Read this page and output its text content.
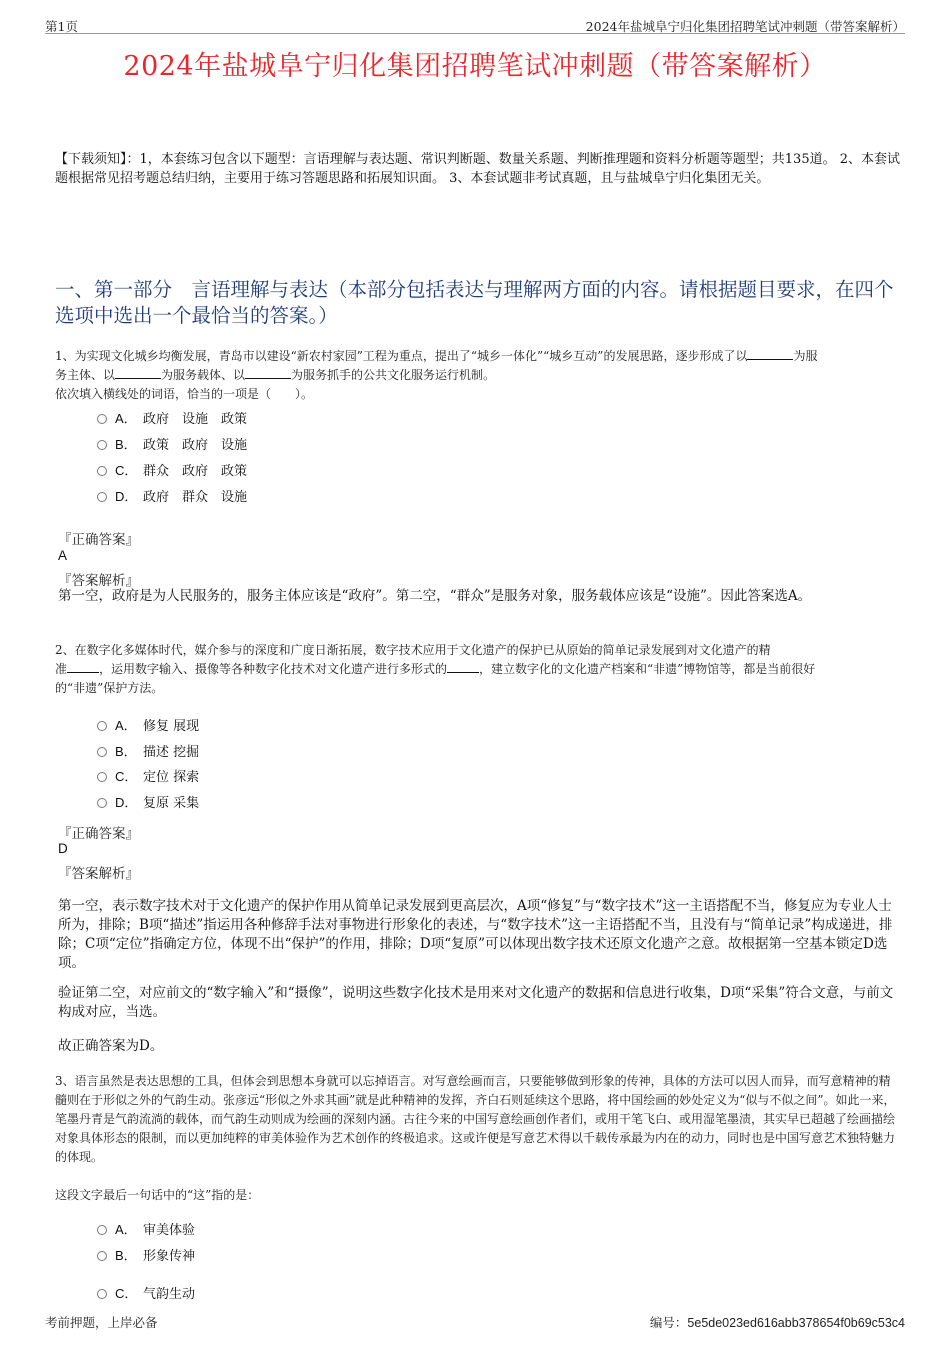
第1页	2024年盐城阜宁归化集团招聘笔试冲刺题（带答案解析）
2024年盐城阜宁归化集团招聘笔试冲刺题（带答案解析）
【下载须知】：1，本套练习包含以下题型：言语理解与表达题、常识判断题、数量关系题、判断推理题和资料分析题等题型；共135道。 2、本套试题根据常见招考题总结归纳，主要用于练习答题思路和拓展知识面。 3、本套试题非考试真题，且与盐城阜宁归化集团无关。
一、第一部分　言语理解与表达（本部分包括表达与理解两方面的内容。请根据题目要求，在四个选项中选出一个最恰当的答案。）
1、为实现文化城乡均衡发展，青岛市以建设“新农村家园”工程为重点，提出了“城乡一体化”“城乡互动”的发展思路，逐步形成了以	为服
务主体、以	为服务载体、以	为服务抓手的公共文化服务运行机制。
依次填入横线处的词语，恰当的一项是（　　）。
A． 政府　设施　政策
B． 政策　政府　设施
C． 群众　政府　政策
D． 政府　群众　设施
『正确答案』
A
『答案解析』
第一空，政府是为人民服务的，服务主体应该是“政府”。第二空，“群众”是服务对象，服务载体应该是“设施”。因此答案选A。
2、在数字化多媒体时代，媒介参与的深度和广度日渐拓展，数字技术应用于文化遗产的保护已从原始的简单记录发展到对文化遗产的精
准	，运用数字输入、摄像等各种数字化技术对文化遗产进行多形式的	，建立数字化的文化遗产档案和“非遗”博物馆等，都是当前很好
的“非遗”保护方法。
A． 修复 展现
B． 描述 挖掘
C． 定位 探索
D． 复原 采集
『正确答案』
D
『答案解析』
第一空，表示数字技术对于文化遗产的保护作用从简单记录发展到更高层次，A项“修复”与“数字技术”这一主语搭配不当，修复应为专业人士所为，排除；B项“描述”指运用各种修辞手法对事物进行形象化的表述，与“数字技术”这一主语搭配不当，且没有与“简单记录”构成递进，排除；C项“定位”指确定方位，体现不出“保护”的作用，排除；D项“复原”可以体现出数字技术还原文化遗产之意。故根据第一空基本锁定D选项。
验证第二空，对应前文的“数字输入”和“摄像”，说明这些数字化技术是用来对文化遗产的数据和信息进行收集，D项“采集”符合文意，与前文构成对应，当选。
故正确答案为D。
3、语言虽然是表达思想的工具，但体会到思想本身就可以忘掉语言。对写意绘画而言，只要能够做到形象的传神，具体的方法可以因人而异，而写意精神的精髓则在于形似之外的气韵生动。张彦远“形似之外求其画”就是此种精神的发挥，齐白石则延续这个思路，将中国绘画的妙处定义为“似与不似之间”。如此一来，笔墨丹青是气韵流淌的载体，而气韵生动则成为绘画的深刻内涵。古往今来的中国写意绘画创作者们，或用干笔飞白、或用湿笔墨渍，其实早已超越了绘画描绘对象具体形态的限制，而以更加纯粹的审美体验作为艺术创作的终极追求。这或许便是写意艺术得以千载传承最为内在的动力，同时也是中国写意艺术独特魅力的体现。
这段文字最后一句话中的“这”指的是：
A． 审美体验
B． 形象传神
C． 气韵生动
考前押题，上岸必备	编号：5e5de023ed616abb378654f0b69c53c4
